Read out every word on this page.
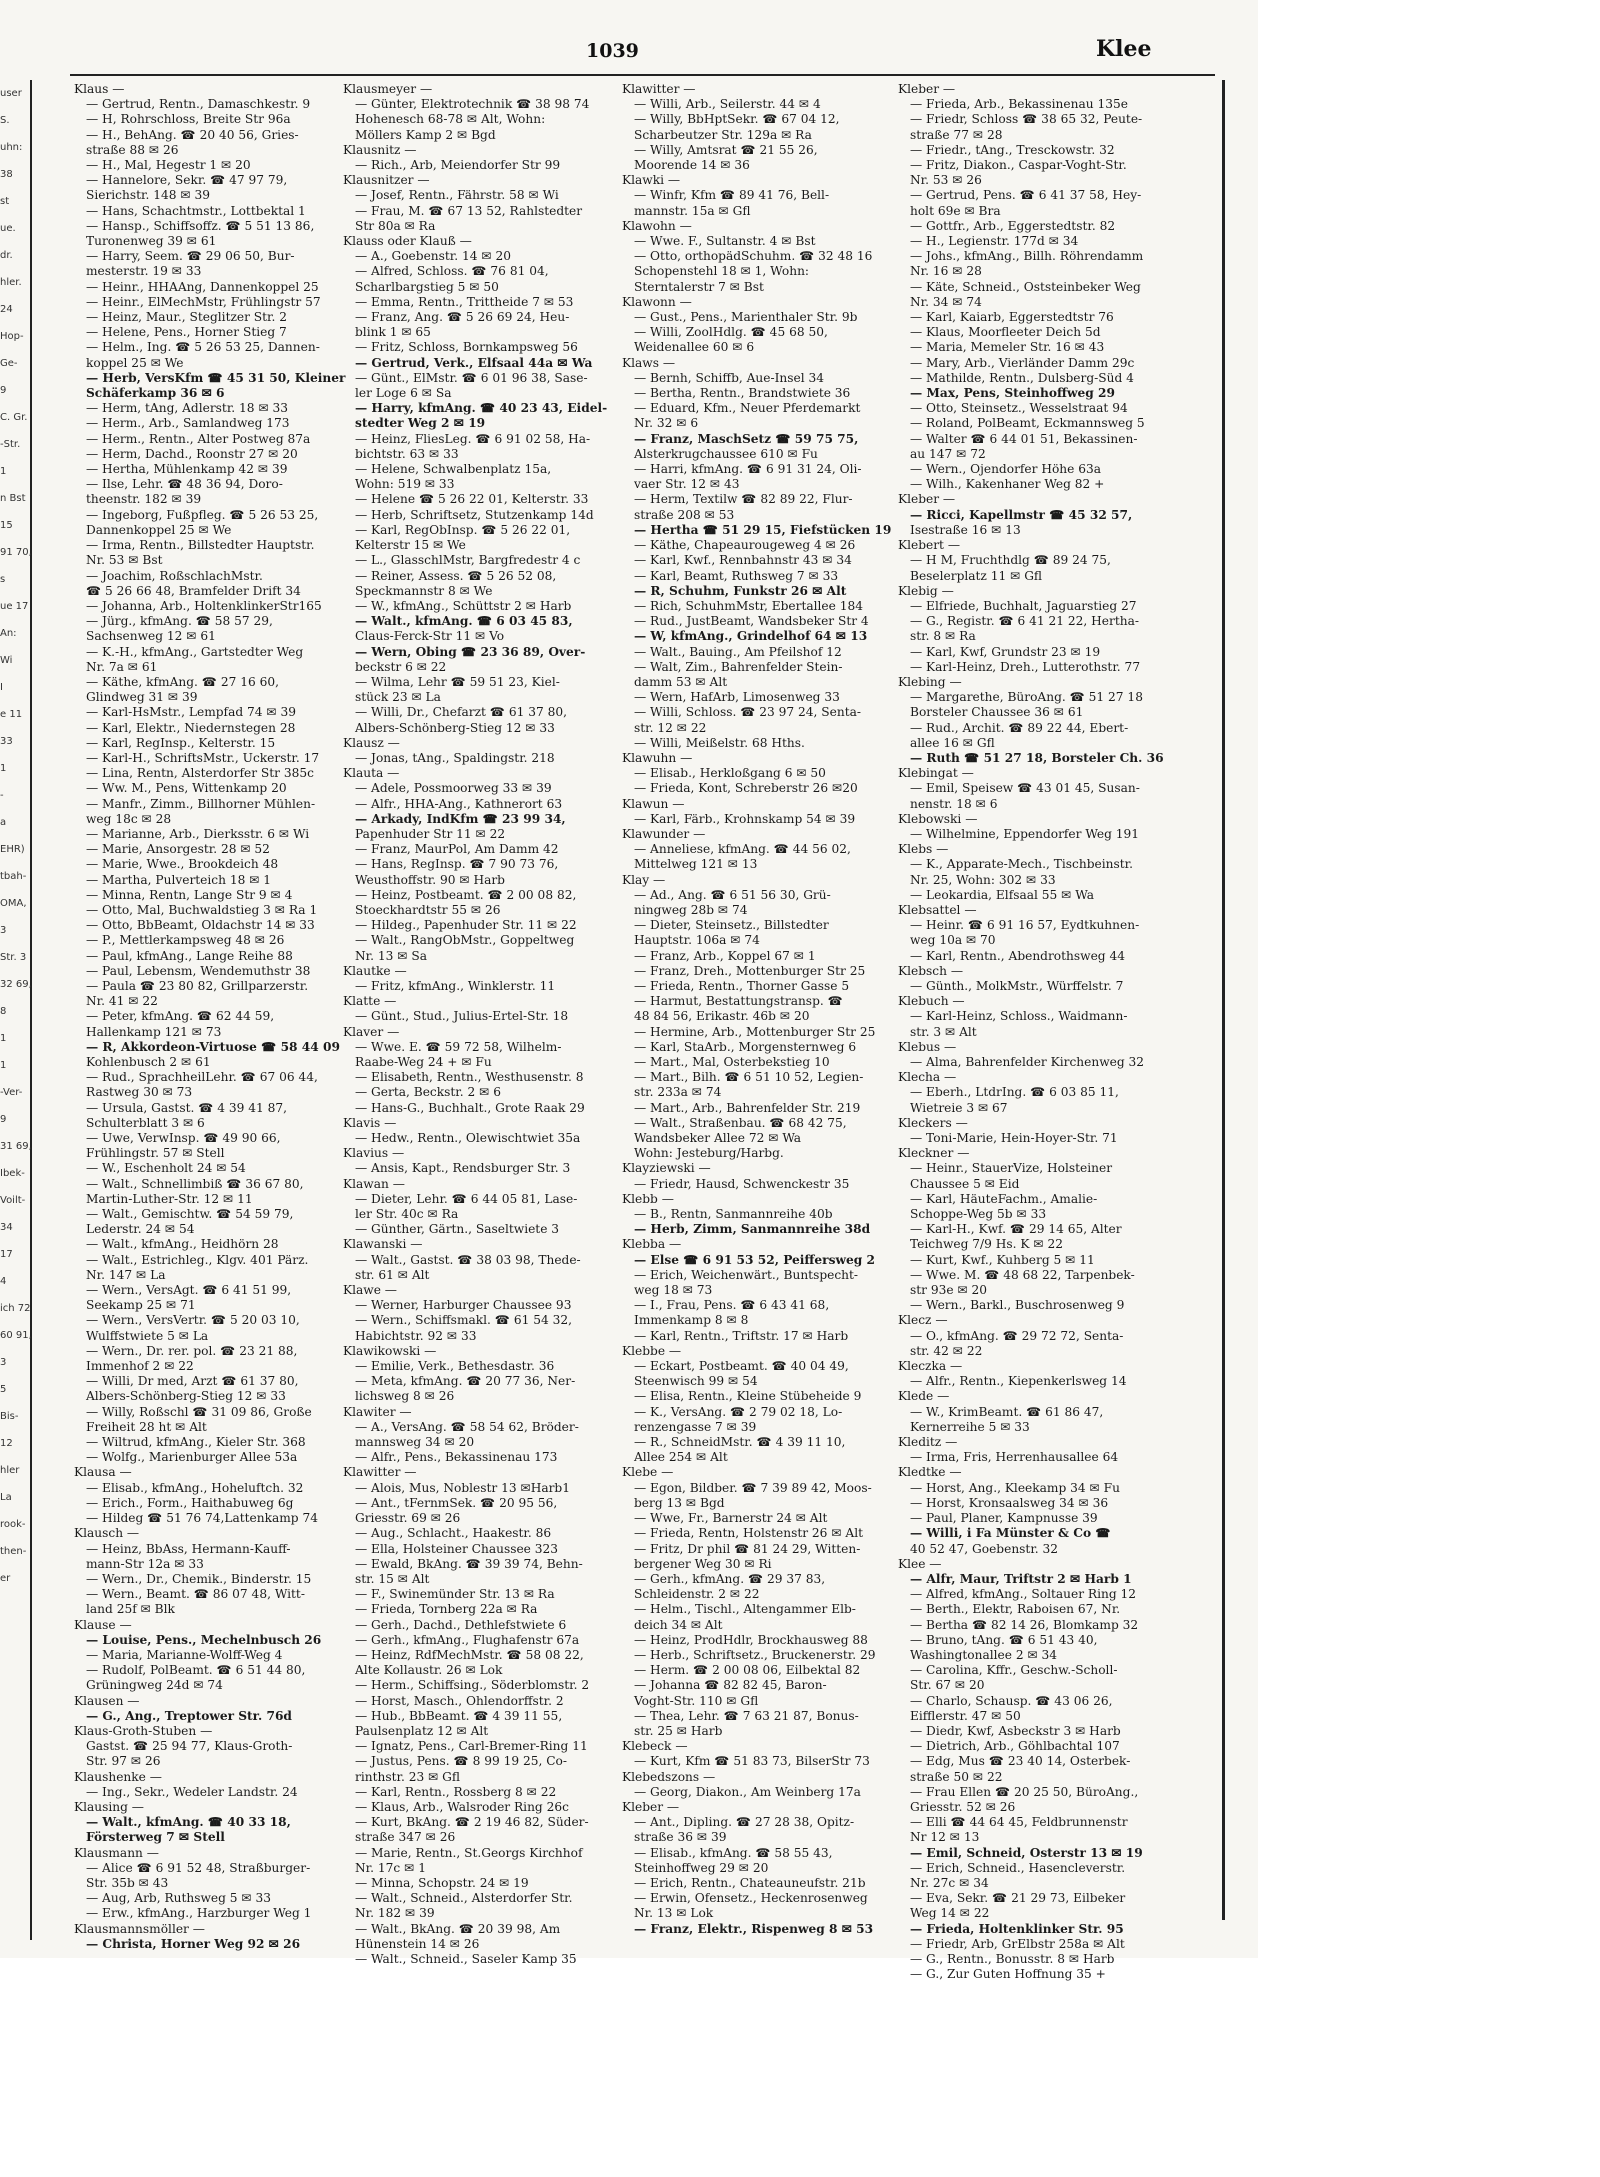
user
S.
uhn:
38
st
ue.
dr.
hler.
24
Hop-
Ge-
9
C. Gr.
-Str.
1
n Bst
15
91 70,
s
ue 17
An:
Wi
I
e 11
33
1
-
a
EHR)
tbah-
OMA,
3
Str. 3
32 69,
8
1
1
-Ver-
9
31 69,
Ibek-
Voilt-
34
17
4
ich 72
60 91,
3
5
Bis-
12
hler
La
rook-
then-
er
1039	Klee
Klaus —
— Gertrud, Rentn., Damaschkestr. 9
— H, Rohrschloss, Breite Str 96a
— H., BehAng. ☎ 20 40 56, Gries-
straße 88 ✉ 26
— H., Mal, Hegestr 1 ✉ 20
— Hannelore, Sekr. ☎ 47 97 79,
Sierichstr. 148 ✉ 39
— Hans, Schachtmstr., Lottbektal 1
— Hansp., Schiffsoffz. ☎ 5 51 13 86,
Turonenweg 39 ✉ 61
— Harry, Seem. ☎ 29 06 50, Bur-
mesterstr. 19 ✉ 33
— Heinr., HHAAng, Dannenkoppel 25
— Heinr., ElMechMstr, Frühlingstr 57
— Heinz, Maur., Steglitzer Str. 2
— Helene, Pens., Horner Stieg 7
— Helm., Ing. ☎ 5 26 53 25, Dannen-
koppel 25 ✉ We
— Herb, VersKfm ☎ 45 31 50, Kleiner
Schäferkamp 36 ✉ 6
— Herm, tAng, Adlerstr. 18 ✉ 33
— Herm., Arb., Samlandweg 173
— Herm., Rentn., Alter Postweg 87a
— Herm, Dachd., Roonstr 27 ✉ 20
— Hertha, Mühlenkamp 42 ✉ 39
— Ilse, Lehr. ☎ 48 36 94, Doro-
theenstr. 182 ✉ 39
— Ingeborg, Fußpfleg. ☎ 5 26 53 25,
Dannenkoppel 25 ✉ We
— Irma, Rentn., Billstedter Hauptstr.
Nr. 53 ✉ Bst
— Joachim, RoßschlachMstr.
☎ 5 26 66 48, Bramfelder Drift 34
— Johanna, Arb., HoltenklinkerStr165
— Jürg., kfmAng. ☎ 58 57 29,
Sachsenweg 12 ✉ 61
— K.-H., kfmAng., Gartstedter Weg
Nr. 7a ✉ 61
— Käthe, kfmAng. ☎ 27 16 60,
Glindweg 31 ✉ 39
— Karl-HsMstr., Lempfad 74 ✉ 39
— Karl, Elektr., Niedernstegen 28
— Karl, RegInsp., Kelterstr. 15
— Karl-H., SchriftsMstr., Uckerstr. 17
— Lina, Rentn, Alsterdorfer Str 385c
— Ww. M., Pens, Wittenkamp 20
— Manfr., Zimm., Billhorner Mühlen-
weg 18c ✉ 28
— Marianne, Arb., Dierksstr. 6 ✉ Wi
— Marie, Ansorgestr. 28 ✉ 52
— Marie, Wwe., Brookdeich 48
— Martha, Pulverteich 18 ✉ 1
— Minna, Rentn, Lange Str 9 ✉ 4
— Otto, Mal, Buchwaldstieg 3 ✉ Ra 1
— Otto, BbBeamt, Oldachstr 14 ✉ 33
— P., Mettlerkampsweg 48 ✉ 26
— Paul, kfmAng., Lange Reihe 88
— Paul, Lebensm, Wendemuthstr 38
— Paula ☎ 23 80 82, Grillparzerstr.
Nr. 41 ✉ 22
— Peter, kfmAng. ☎ 62 44 59,
Hallenkamp 121 ✉ 73
— R, Akkordeon-Virtuose ☎ 58 44 09
Kohlenbusch 2 ✉ 61
— Rud., SprachheilLehr. ☎ 67 06 44,
Rastweg 30 ✉ 73
— Ursula, Gastst. ☎ 4 39 41 87,
Schulterblatt 3 ✉ 6
— Uwe, VerwInsp. ☎ 49 90 66,
Frühlingstr. 57 ✉ Stell
— W., Eschenholt 24 ✉ 54
— Walt., Schnellimbiß ☎ 36 67 80,
Martin-Luther-Str. 12 ✉ 11
— Walt., Gemischtw. ☎ 54 59 79,
Lederstr. 24 ✉ 54
— Walt., kfmAng., Heidhörn 28
— Walt., Estrichleg., Klgv. 401 Pärz.
Nr. 147 ✉ La
— Wern., VersAgt. ☎ 6 41 51 99,
Seekamp 25 ✉ 71
— Wern., VersVertr. ☎ 5 20 03 10,
Wulffstwiete 5 ✉ La
— Wern., Dr. rer. pol. ☎ 23 21 88,
Immenhof 2 ✉ 22
— Willi, Dr med, Arzt ☎ 61 37 80,
Albers-Schönberg-Stieg 12 ✉ 33
— Willy, Roßschl ☎ 31 09 86, Große
Freiheit 28 ht ✉ Alt
— Wiltrud, kfmAng., Kieler Str. 368
— Wolfg., Marienburger Allee 53a
Klausa —
— Elisab., kfmAng., Hoheluftch. 32
— Erich., Form., Haithabuweg 6g
— Hildeg ☎ 51 76 74,Lattenkamp 74
Klausch —
— Heinz, BbAss, Hermann-Kauff-
mann-Str 12a ✉ 33
— Wern., Dr., Chemik., Binderstr. 15
— Wern., Beamt. ☎ 86 07 48, Witt-
land 25f ✉ Blk
Klause —
— Louise, Pens., Mechelnbusch 26
— Maria, Marianne-Wolff-Weg 4
— Rudolf, PolBeamt. ☎ 6 51 44 80,
Grüningweg 24d ✉ 74
Klausen —
— G., Ang., Treptower Str. 76d
Klaus-Groth-Stuben —
Gastst. ☎ 25 94 77, Klaus-Groth-
Str. 97 ✉ 26
Klaushenke —
— Ing., Sekr., Wedeler Landstr. 24
Klausing —
— Walt., kfmAng. ☎ 40 33 18,
Försterweg 7 ✉ Stell
Klausmann —
— Alice ☎ 6 91 52 48, Straßburger-
Str. 35b ✉ 43
— Aug, Arb, Ruthsweg 5 ✉ 33
— Erw., kfmAng., Harzburger Weg 1
Klausmannsmöller —
— Christa, Horner Weg 92 ✉ 26
Klausmeyer —
— Günter, Elektrotechnik ☎ 38 98 74
Hohenesch 68-78 ✉ Alt, Wohn:
Möllers Kamp 2 ✉ Bgd
Klausnitz —
— Rich., Arb, Meiendorfer Str 99
Klausnitzer —
— Josef, Rentn., Fährstr. 58 ✉ Wi
— Frau, M. ☎ 67 13 52, Rahlstedter
Str 80a ✉ Ra
Klauss oder Klauß —
— A., Goebenstr. 14 ✉ 20
— Alfred, Schloss. ☎ 76 81 04,
Scharlbargstieg 5 ✉ 50
— Emma, Rentn., Trittheide 7 ✉ 53
— Franz, Ang. ☎ 5 26 69 24, Heu-
blink 1 ✉ 65
— Fritz, Schloss, Bornkampsweg 56
— Gertrud, Verk., Elfsaal 44a ✉ Wa
— Günt., ElMstr. ☎ 6 01 96 38, Sase-
ler Loge 6 ✉ Sa
— Harry, kfmAng. ☎ 40 23 43, Eidel-
stedter Weg 2 ✉ 19
— Heinz, FliesLeg. ☎ 6 91 02 58, Ha-
bichtstr. 63 ✉ 33
— Helene, Schwalbenplatz 15a,
Wohn: 519 ✉ 33
— Helene ☎ 5 26 22 01, Kelterstr. 33
— Herb, Schriftsetz, Stutzenkamp 14d
— Karl, RegObInsp. ☎ 5 26 22 01,
Kelterstr 15 ✉ We
— L., GlasschlMstr, Bargfredestr 4 c
— Reiner, Assess. ☎ 5 26 52 08,
Speckmannstr 8 ✉ We
— W., kfmAng., Schüttstr 2 ✉ Harb
— Walt., kfmAng. ☎ 6 03 45 83,
Claus-Ferck-Str 11 ✉ Vo
— Wern, Obing ☎ 23 36 89, Over-
beckstr 6 ✉ 22
— Wilma, Lehr ☎ 59 51 23, Kiel-
stück 23 ✉ La
— Willi, Dr., Chefarzt ☎ 61 37 80,
Albers-Schönberg-Stieg 12 ✉ 33
Klausz —
— Jonas, tAng., Spaldingstr. 218
Klauta —
— Adele, Possmoorweg 33 ✉ 39
— Alfr., HHA-Ang., Kathnerort 63
— Arkady, IndKfm ☎ 23 99 34,
Papenhuder Str 11 ✉ 22
— Franz, MaurPol, Am Damm 42
— Hans, RegInsp. ☎ 7 90 73 76,
Weusthoffstr. 90 ✉ Harb
— Heinz, Postbeamt. ☎ 2 00 08 82,
Stoeckhardtstr 55 ✉ 26
— Hildeg., Papenhuder Str. 11 ✉ 22
— Walt., RangObMstr., Goppeltweg
Nr. 13 ✉ Sa
Klautke —
— Fritz, kfmAng., Winklerstr. 11
Klatte —
— Günt., Stud., Julius-Ertel-Str. 18
Klaver —
— Wwe. E. ☎ 59 72 58, Wilhelm-
Raabe-Weg 24 + ✉ Fu
— Elisabeth, Rentn., Westhusenstr. 8
— Gerta, Beckstr. 2 ✉ 6
— Hans-G., Buchhalt., Grote Raak 29
Klavis —
— Hedw., Rentn., Olewischtwiet 35a
Klavius —
— Ansis, Kapt., Rendsburger Str. 3
Klawan —
— Dieter, Lehr. ☎ 6 44 05 81, Lase-
ler Str. 40c ✉ Ra
— Günther, Gärtn., Saseltwiete 3
Klawanski —
— Walt., Gastst. ☎ 38 03 98, Thede-
str. 61 ✉ Alt
Klawe —
— Werner, Harburger Chaussee 93
— Wern., Schiffsmakl. ☎ 61 54 32,
Habichtstr. 92 ✉ 33
Klawikowski —
— Emilie, Verk., Bethesdastr. 36
— Meta, kfmAng. ☎ 20 77 36, Ner-
lichsweg 8 ✉ 26
Klawiter —
— A., VersAng. ☎ 58 54 62, Bröder-
mannsweg 34 ✉ 20
— Alfr., Pens., Bekassinenau 173
Klawitter —
— Alois, Mus, Noblestr 13 ✉Harb1
— Ant., tFernmSek. ☎ 20 95 56,
Griesstr. 69 ✉ 26
— Aug., Schlacht., Haakestr. 86
— Ella, Holsteiner Chaussee 323
— Ewald, BkAng. ☎ 39 39 74, Behn-
str. 15 ✉ Alt
— F., Swinemünder Str. 13 ✉ Ra
— Frieda, Tornberg 22a ✉ Ra
— Gerh., Dachd., Dethlefstwiete 6
— Gerh., kfmAng., Flughafenstr 67a
— Heinz, RdfMechMstr. ☎ 58 08 22,
Alte Kollaustr. 26 ✉ Lok
— Herm., Schiffsing., Söderblomstr. 2
— Horst, Masch., Ohlendorffstr. 2
— Hub., BbBeamt. ☎ 4 39 11 55,
Paulsenplatz 12 ✉ Alt
— Ignatz, Pens., Carl-Bremer-Ring 11
— Justus, Pens. ☎ 8 99 19 25, Co-
rinthstr. 23 ✉ Gfl
— Karl, Rentn., Rossberg 8 ✉ 22
— Klaus, Arb., Walsroder Ring 26c
— Kurt, BkAng. ☎ 2 19 46 82, Süder-
straße 347 ✉ 26
— Marie, Rentn., St.Georgs Kirchhof
Nr. 17c ✉ 1
— Minna, Schopstr. 24 ✉ 19
— Walt., Schneid., Alsterdorfer Str.
Nr. 182 ✉ 39
— Walt., BkAng. ☎ 20 39 98, Am
Hünenstein 14 ✉ 26
— Walt., Schneid., Saseler Kamp 35
Klawitter —
— Willi, Arb., Seilerstr. 44 ✉ 4
— Willy, BbHptSekr. ☎ 67 04 12,
Scharbeutzer Str. 129a ✉ Ra
— Willy, Amtsrat ☎ 21 55 26,
Moorende 14 ✉ 36
Klawki —
— Winfr, Kfm ☎ 89 41 76, Bell-
mannstr. 15a ✉ Gfl
Klawohn —
— Wwe. F., Sultanstr. 4 ✉ Bst
— Otto, orthopädSchuhm. ☎ 32 48 16
Schopenstehl 18 ✉ 1, Wohn:
Sterntalerstr 7 ✉ Bst
Klawonn —
— Gust., Pens., Marienthaler Str. 9b
— Willi, ZoolHdlg. ☎ 45 68 50,
Weidenallee 60 ✉ 6
Klaws —
— Bernh, Schiffb, Aue-Insel 34
— Bertha, Rentn., Brandstwiete 36
— Eduard, Kfm., Neuer Pferdemarkt
Nr. 32 ✉ 6
— Franz, MaschSetz ☎ 59 75 75,
Alsterkrugchaussee 610 ✉ Fu
— Harri, kfmAng. ☎ 6 91 31 24, Oli-
vaer Str. 12 ✉ 43
— Herm, Textilw ☎ 82 89 22, Flur-
straße 208 ✉ 53
— Hertha ☎ 51 29 15, Fiefstücken 19
— Käthe, Chapeaurougeweg 4 ✉ 26
— Karl, Kwf., Rennbahnstr 43 ✉ 34
— Karl, Beamt, Ruthsweg 7 ✉ 33
— R, Schuhm, Funkstr 26 ✉ Alt
— Rich, SchuhmMstr, Ebertallee 184
— Rud., JustBeamt, Wandsbeker Str 4
— W, kfmAng., Grindelhof 64 ✉ 13
— Walt., Bauing., Am Pfeilshof 12
— Walt, Zim., Bahrenfelder Stein-
damm 53 ✉ Alt
— Wern, HafArb, Limosenweg 33
— Willi, Schloss. ☎ 23 97 24, Senta-
str. 12 ✉ 22
— Willi, Meißelstr. 68 Hths.
Klawuhn —
— Elisab., Herkloßgang 6 ✉ 50
— Frieda, Kont, Schreberstr 26 ✉20
Klawun —
— Karl, Färb., Krohnskamp 54 ✉ 39
Klawunder —
— Anneliese, kfmAng. ☎ 44 56 02,
Mittelweg 121 ✉ 13
Klay —
— Ad., Ang. ☎ 6 51 56 30, Grü-
ningweg 28b ✉ 74
— Dieter, Steinsetz., Billstedter
Hauptstr. 106a ✉ 74
— Franz, Arb., Koppel 67 ✉ 1
— Franz, Dreh., Mottenburger Str 25
— Frieda, Rentn., Thorner Gasse 5
— Harmut, Bestattungstransp. ☎
48 84 56, Erikastr. 46b ✉ 20
— Hermine, Arb., Mottenburger Str 25
— Karl, StaArb., Morgensternweg 6
— Mart., Mal, Osterbekstieg 10
— Mart., Bilh. ☎ 6 51 10 52, Legien-
str. 233a ✉ 74
— Mart., Arb., Bahrenfelder Str. 219
— Walt., Straßenbau. ☎ 68 42 75,
Wandsbeker Allee 72 ✉ Wa
Wohn: Jesteburg/Harbg.
Klayziewski —
— Friedr, Hausd, Schwenckestr 35
Klebb —
— B., Rentn, Sanmannreihe 40b
— Herb, Zimm, Sanmannreihe 38d
Klebba —
— Else ☎ 6 91 53 52, Peiffersweg 2
— Erich, Weichenwärt., Buntspecht-
weg 18 ✉ 73
— I., Frau, Pens. ☎ 6 43 41 68,
Immenkamp 8 ✉ 8
— Karl, Rentn., Triftstr. 17 ✉ Harb
Klebbe —
— Eckart, Postbeamt. ☎ 40 04 49,
Steenwisch 99 ✉ 54
— Elisa, Rentn., Kleine Stübeheide 9
— K., VersAng. ☎ 2 79 02 18, Lo-
renzengasse 7 ✉ 39
— R., SchneidMstr. ☎ 4 39 11 10,
Allee 254 ✉ Alt
Klebe —
— Egon, Bildber. ☎ 7 39 89 42, Moos-
berg 13 ✉ Bgd
— Wwe, Fr., Barnerstr 24 ✉ Alt
— Frieda, Rentn, Holstenstr 26 ✉ Alt
— Fritz, Dr phil ☎ 81 24 29, Witten-
bergener Weg 30 ✉ Ri
— Gerh., kfmAng. ☎ 29 37 83,
Schleidenstr. 2 ✉ 22
— Helm., Tischl., Altengammer Elb-
deich 34 ✉ Alt
— Heinz, ProdHdlr, Brockhausweg 88
— Herb., Schriftsetz., Bruckenerstr. 29
— Herm. ☎ 2 00 08 06, Eilbektal 82
— Johanna ☎ 82 82 45, Baron-
Voght-Str. 110 ✉ Gfl
— Thea, Lehr. ☎ 7 63 21 87, Bonus-
str. 25 ✉ Harb
Klebeck —
— Kurt, Kfm ☎ 51 83 73, BilserStr 73
Klebedszons —
— Georg, Diakon., Am Weinberg 17a
Kleber —
— Ant., Dipling. ☎ 27 28 38, Opitz-
straße 36 ✉ 39
— Elisab., kfmAng. ☎ 58 55 43,
Steinhoffweg 29 ✉ 20
— Erich, Rentn., Chateauneufstr. 21b
— Erwin, Ofensetz., Heckenrosenweg
Nr. 13 ✉ Lok
— Franz, Elektr., Rispenweg 8 ✉ 53
Kleber —
— Frieda, Arb., Bekassinenau 135e
— Friedr, Schloss ☎ 38 65 32, Peute-
straße 77 ✉ 28
— Friedr., tAng., Tresckowstr. 32
— Fritz, Diakon., Caspar-Voght-Str.
Nr. 53 ✉ 26
— Gertrud, Pens. ☎ 6 41 37 58, Hey-
holt 69e ✉ Bra
— Gottfr., Arb., Eggerstedtstr. 82
— H., Legienstr. 177d ✉ 34
— Johs., kfmAng., Billh. Röhrendamm
Nr. 16 ✉ 28
— Käte, Schneid., Oststeinbeker Weg
Nr. 34 ✉ 74
— Karl, Kaiarb, Eggerstedtstr 76
— Klaus, Moorfleeter Deich 5d
— Maria, Memeler Str. 16 ✉ 43
— Mary, Arb., Vierländer Damm 29c
— Mathilde, Rentn., Dulsberg-Süd 4
— Max, Pens, Steinhoffweg 29
— Otto, Steinsetz., Wesselstraat 94
— Roland, PolBeamt, Eckmannsweg 5
— Walter ☎ 6 44 01 51, Bekassinen-
au 147 ✉ 72
— Wern., Ojendorfer Höhe 63a
— Wilh., Kakenhaner Weg 82 +
Kleber —
— Ricci, Kapellmstr ☎ 45 32 57,
Isestraße 16 ✉ 13
Klebert —
— H M, Fruchthdlg ☎ 89 24 75,
Beselerplatz 11 ✉ Gfl
Klebig —
— Elfriede, Buchhalt, Jaguarstieg 27
— G., Registr. ☎ 6 41 21 22, Hertha-
str. 8 ✉ Ra
— Karl, Kwf, Grundstr 23 ✉ 19
— Karl-Heinz, Dreh., Lutterothstr. 77
Klebing —
— Margarethe, BüroAng. ☎ 51 27 18
Borsteler Chaussee 36 ✉ 61
— Rud., Archit. ☎ 89 22 44, Ebert-
allee 16 ✉ Gfl
— Ruth ☎ 51 27 18, Borsteler Ch. 36
Klebingat —
— Emil, Speisew ☎ 43 01 45, Susan-
nenstr. 18 ✉ 6
Klebowski —
— Wilhelmine, Eppendorfer Weg 191
Klebs —
— K., Apparate-Mech., Tischbeinstr.
Nr. 25, Wohn: 302 ✉ 33
— Leokardia, Elfsaal 55 ✉ Wa
Klebsattel —
— Heinr. ☎ 6 91 16 57, Eydtkuhnen-
weg 10a ✉ 70
— Karl, Rentn., Abendrothsweg 44
Klebsch —
— Günth., MolkMstr., Würffelstr. 7
Klebuch —
— Karl-Heinz, Schloss., Waidmann-
str. 3 ✉ Alt
Klebus —
— Alma, Bahrenfelder Kirchenweg 32
Klecha —
— Eberh., LtdrIng. ☎ 6 03 85 11,
Wietreie 3 ✉ 67
Kleckers —
— Toni-Marie, Hein-Hoyer-Str. 71
Kleckner —
— Heinr., StauerVize, Holsteiner
Chaussee 5 ✉ Eid
— Karl, HäuteFachm., Amalie-
Schoppe-Weg 5b ✉ 33
— Karl-H., Kwf. ☎ 29 14 65, Alter
Teichweg 7/9 Hs. K ✉ 22
— Kurt, Kwf., Kuhberg 5 ✉ 11
— Wwe. M. ☎ 48 68 22, Tarpenbek-
str 93e ✉ 20
— Wern., Barkl., Buschrosenweg 9
Klecz —
— O., kfmAng. ☎ 29 72 72, Senta-
str. 42 ✉ 22
Kleczka —
— Alfr., Rentn., Kiepenkerlsweg 14
Klede —
— W., KrimBeamt. ☎ 61 86 47,
Kernerreihe 5 ✉ 33
Kleditz —
— Irma, Fris, Herrenhausallee 64
Kledtke —
— Horst, Ang., Kleekamp 34 ✉ Fu
— Horst, Kronsaalsweg 34 ✉ 36
— Paul, Planer, Kampnusse 39
— Willi, i Fa Münster & Co ☎
40 52 47, Goebenstr. 32
Klee —
— Alfr, Maur, Triftstr 2 ✉ Harb 1
— Alfred, kfmAng., Soltauer Ring 12
— Berth., Elektr, Raboisen 67, Nr.
— Bertha ☎ 82 14 26, Blomkamp 32
— Bruno, tAng. ☎ 6 51 43 40,
Washingtonallee 2 ✉ 34
— Carolina, Kffr., Geschw.-Scholl-
Str. 67 ✉ 20
— Charlo, Schausp. ☎ 43 06 26,
Eifflerstr. 47 ✉ 50
— Diedr, Kwf, Asbeckstr 3 ✉ Harb
— Dietrich, Arb., Göhlbachtal 107
— Edg, Mus ☎ 23 40 14, Osterbek-
straße 50 ✉ 22
— Frau Ellen ☎ 20 25 50, BüroAng.,
Griesstr. 52 ✉ 26
— Elli ☎ 44 64 45, Feldbrunnenstr
Nr 12 ✉ 13
— Emil, Schneid, Osterstr 13 ✉ 19
— Erich, Schneid., Hasencleverstr.
Nr. 27c ✉ 34
— Eva, Sekr. ☎ 21 29 73, Eilbeker
Weg 14 ✉ 22
— Frieda, Holtenklinker Str. 95
— Friedr, Arb, GrElbstr 258a ✉ Alt
— G., Rentn., Bonusstr. 8 ✉ Harb
— G., Zur Guten Hoffnung 35 +
